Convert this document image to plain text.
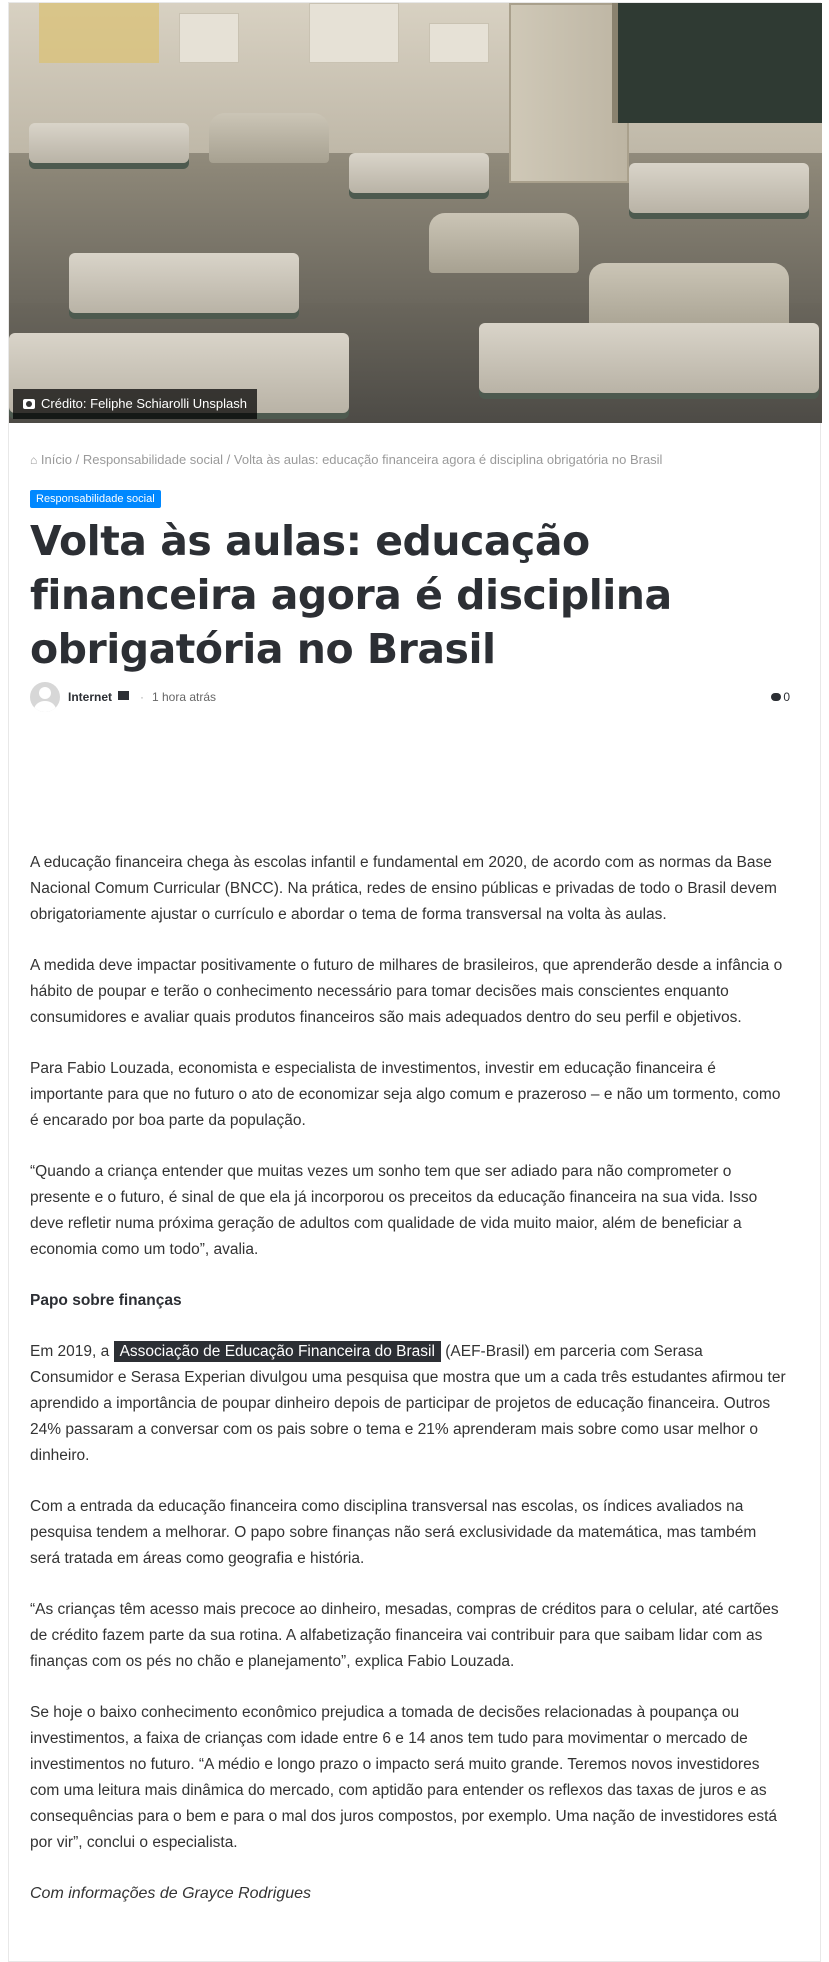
Crédito: Feliphe Schiarolli Unsplash
⌂ Início / Responsabilidade social / Volta às aulas: educação financeira agora é disciplina obrigatória no Brasil
Responsabilidade social
Volta às aulas: educação financeira agora é disciplina obrigatória no Brasil
Internet · 1 hora atrás	0

A educação financeira chega às escolas infantil e fundamental em 2020, de acordo com as normas da Base Nacional Comum Curricular (BNCC). Na prática, redes de ensino públicas e privadas de todo o Brasil devem obrigatoriamente ajustar o currículo e abordar o tema de forma transversal na volta às aulas.

A medida deve impactar positivamente o futuro de milhares de brasileiros, que aprenderão desde a infância o hábito de poupar e terão o conhecimento necessário para tomar decisões mais conscientes enquanto consumidores e avaliar quais produtos financeiros são mais adequados dentro do seu perfil e objetivos.

Para Fabio Louzada, economista e especialista de investimentos, investir em educação financeira é importante para que no futuro o ato de economizar seja algo comum e prazeroso – e não um tormento, como é encarado por boa parte da população.

“Quando a criança entender que muitas vezes um sonho tem que ser adiado para não comprometer o presente e o futuro, é sinal de que ela já incorporou os preceitos da educação financeira na sua vida. Isso deve refletir numa próxima geração de adultos com qualidade de vida muito maior, além de beneficiar a economia como um todo”, avalia.

Papo sobre finanças

Em 2019, a Associação de Educação Financeira do Brasil (AEF-Brasil) em parceria com Serasa Consumidor e Serasa Experian divulgou uma pesquisa que mostra que um a cada três estudantes afirmou ter aprendido a importância de poupar dinheiro depois de participar de projetos de educação financeira. Outros 24% passaram a conversar com os pais sobre o tema e 21% aprenderam mais sobre como usar melhor o dinheiro.

Com a entrada da educação financeira como disciplina transversal nas escolas, os índices avaliados na pesquisa tendem a melhorar. O papo sobre finanças não será exclusividade da matemática, mas também será tratada em áreas como geografia e história.

“As crianças têm acesso mais precoce ao dinheiro, mesadas, compras de créditos para o celular, até cartões de crédito fazem parte da sua rotina. A alfabetização financeira vai contribuir para que saibam lidar com as finanças com os pés no chão e planejamento”, explica Fabio Louzada.

Se hoje o baixo conhecimento econômico prejudica a tomada de decisões relacionadas à poupança ou investimentos, a faixa de crianças com idade entre 6 e 14 anos tem tudo para movimentar o mercado de investimentos no futuro. “A médio e longo prazo o impacto será muito grande. Teremos novos investidores com uma leitura mais dinâmica do mercado, com aptidão para entender os reflexos das taxas de juros e as consequências para o bem e para o mal dos juros compostos, por exemplo. Uma nação de investidores está por vir”, conclui o especialista.

Com informações de Grayce Rodrigues
